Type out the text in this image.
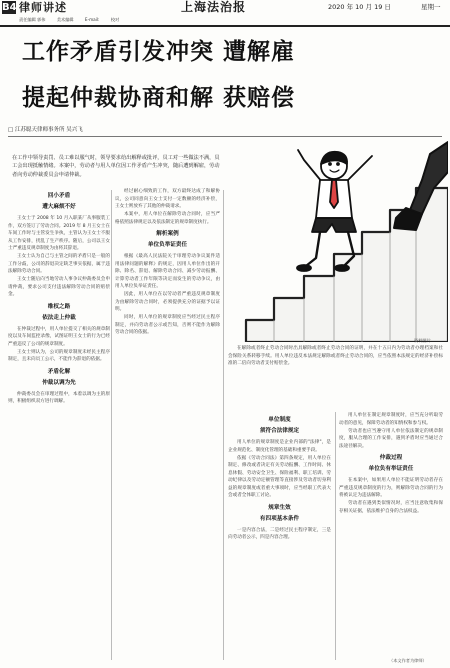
B4 律师讲述	上海法治报	2020 年 10 月 19 日	星期一
责任编辑 郭伟	美术编辑	E-mail:	校对
工作矛盾引发冲突 遭解雇
提起仲裁协商和解 获赔偿
□ 江苏聪天律师事务所 吴兴飞
在工作中领导责罚、员工难以服气时，领导要求给出解释或批评，员工对一些做法不满，员工会出现抵触情绪。本案中，劳动者与用人单位因工作矛盾产生冲突，随后遭到解雇，劳动者向劳动仲裁委员会申请仲裁。
资料图片
回小矛盾
遭大麻烦不好

王女士于 2008 年 10 月入职某厂从事服装工作，双方签订了劳动合同。2019 年 8 月王女士在车间工作时与主管发生争执，主管认为王女士不服从工作安排，扰乱了生产秩序。随后，公司以王女士严重违反规章制度为由将其辞退。

王女士认为自己与主管之间的矛盾只是一般的工作分歧，公司的辞退决定缺乏事实依据，属于违法解除劳动合同。

王女士随后向当地劳动人事争议仲裁委员会申请仲裁，要求公司支付违法解除劳动合同的赔偿金。

维权之路
依法走上仲裁

在仲裁过程中，用人单位提交了相关的规章制度以及车间监控录像，试图证明王女士的行为已经严重违反了公司的规章制度。

王女士则认为，公司的规章制度未经民主程序制定，且未向员工公示，不能作为辞退的依据。

矛盾化解
仲裁以调为先

仲裁委员会在审理过程中，本着以调为主的原则，积极组织双方进行调解。

经过耐心细致的工作，双方最终达成了和解协议，公司同意向王女士支付一定数额的经济补偿，王女士则放弃了其他的仲裁请求。

本案中，用人单位在解除劳动合同时，应当严格依照法律规定以及依法制定的规章制度执行。

解析案例
单位负举证责任

根据《最高人民法院关于审理劳动争议案件适用法律问题的解释》的规定，因用人单位作出的开除、除名、辞退、解除劳动合同、减少劳动报酬、计算劳动者工作年限等决定而发生的劳动争议，由用人单位负举证责任。

因此，用人单位在以劳动者严重违反规章制度为由解除劳动合同时，必须提供充分的证据予以证明。

同时，用人单位的规章制度应当经过民主程序制定，并向劳动者公示或告知，否则不能作为解除劳动合同的依据。

在解除或者终止劳动合同时出具解除或者终止劳动合同的证明，并在十五日内为劳动者办理档案和社会保险关系转移手续。用人单位违反本法规定解除或者终止劳动合同的，应当依照本法规定的经济补偿标准的二倍向劳动者支付赔偿金。

单位制度
须符合法律规定

用人单位的规章制度是企业内部的"法律"，是企业规范化、制度化管理的基础和重要手段。

依据《劳动合同法》第四条规定，用人单位在制定、修改或者决定有关劳动报酬、工作时间、休息休假、劳动安全卫生、保险福利、职工培训、劳动纪律以及劳动定额管理等直接涉及劳动者切身利益的规章制度或者重大事项时，应当经职工代表大会或者全体职工讨论。

规章生效
有四项基本条件

一是内容合法，二是经过民主程序制定，三是向劳动者公示，四是内容合理。

用人单位在制定规章制度时，应当充分听取劳动者的意见，保障劳动者的知情权和参与权。

劳动者也应当遵守用人单位依法制定的规章制度，服从合理的工作安排，遇到矛盾时应当通过合法途径解决。

仲裁过程
单位负有举证责任

在本案中，如果用人单位不能证明劳动者存在严重违反规章制度的行为，则解除劳动合同的行为将被认定为违法解除。

劳动者在遇到类似情况时，应当注意收集和保存相关证据，依法维护自身的合法权益。

（本文作者为律师）
